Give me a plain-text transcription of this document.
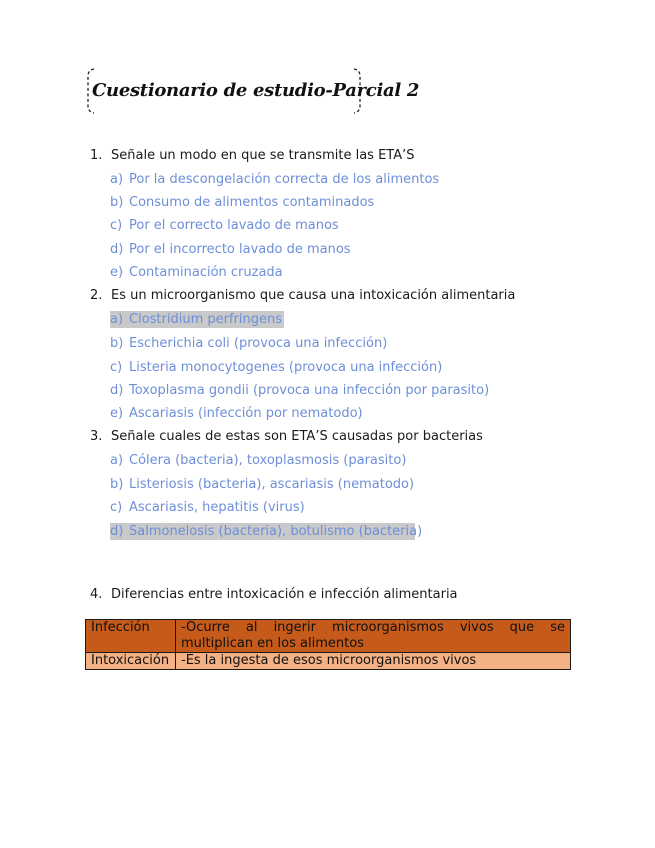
Cuestionario de estudio-Parcial 2
1. Señale un modo en que se transmite las ETA’S
a) Por la descongelación correcta de los alimentos
b) Consumo de alimentos contaminados
c) Por el correcto lavado de manos
d) Por el incorrecto lavado de manos
e) Contaminación cruzada
2. Es un microorganismo que causa una intoxicación alimentaria
a) Clostridium perfringens
b) Escherichia coli (provoca una infección)
c) Listeria monocytogenes (provoca una infección)
d) Toxoplasma gondii (provoca una infección por parasito)
e) Ascariasis (infección por nematodo)
3. Señale cuales de estas son ETA’S causadas por bacterias
a) Cólera (bacteria), toxoplasmosis (parasito)
b) Listeriosis (bacteria), ascariasis (nematodo)
c) Ascariasis, hepatitis (virus)
d) Salmonelosis (bacteria), botulismo (bacteria)
4. Diferencias entre intoxicación e infección alimentaria
Infección	-Ocurre al ingerir microorganismos vivos que se multiplican en los alimentos
Intoxicación	-Es la ingesta de esos microorganismos vivos
